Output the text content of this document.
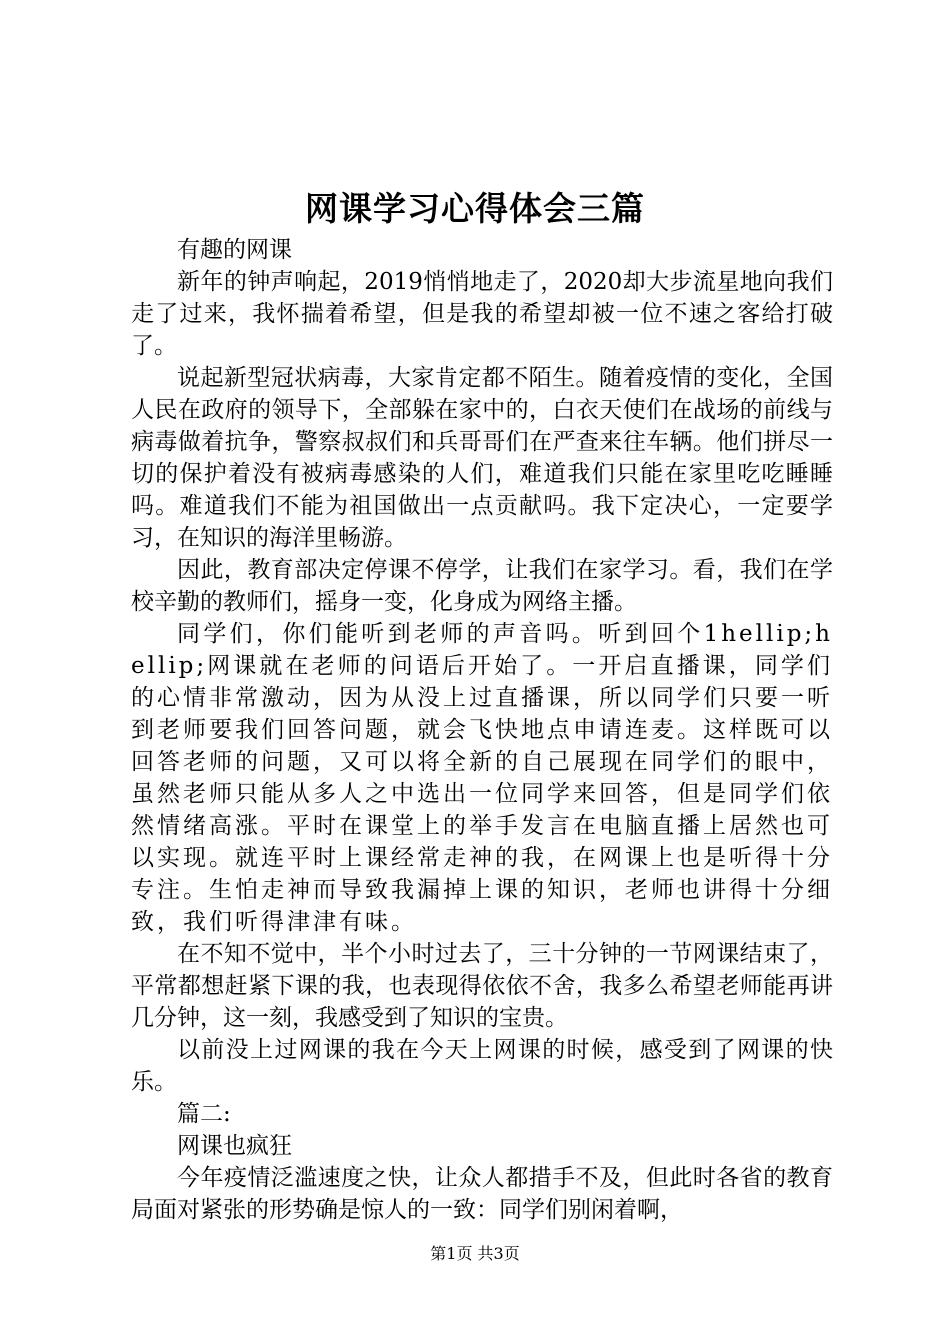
网课学习心得体会三篇

有趣的网课

新年的钟声响起，2019悄悄地走了，2020却大步流星地向我们走了过来，我怀揣着希望，但是我的希望却被一位不速之客给打破了。

说起新型冠状病毒，大家肯定都不陌生。随着疫情的变化，全国人民在政府的领导下，全部躲在家中的，白衣天使们在战场的前线与病毒做着抗争，警察叔叔们和兵哥哥们在严查来往车辆。他们拼尽一切的保护着没有被病毒感染的人们，难道我们只能在家里吃吃睡睡吗。难道我们不能为祖国做出一点贡献吗。我下定决心，一定要学习，在知识的海洋里畅游。

因此，教育部决定停课不停学，让我们在家学习。看，我们在学校辛勤的教师们，摇身一变，化身成为网络主播。

同学们，你们能听到老师的声音吗。听到回个1hellip;hellip;网课就在老师的问语后开始了。一开启直播课，同学们的心情非常激动，因为从没上过直播课，所以同学们只要一听到老师要我们回答问题，就会飞快地点申请连麦。这样既可以回答老师的问题，又可以将全新的自己展现在同学们的眼中，虽然老师只能从多人之中选出一位同学来回答，但是同学们依然情绪高涨。平时在课堂上的举手发言在电脑直播上居然也可以实现。就连平时上课经常走神的我，在网课上也是听得十分专注。生怕走神而导致我漏掉上课的知识，老师也讲得十分细致，我们听得津津有味。

在不知不觉中，半个小时过去了，三十分钟的一节网课结束了，平常都想赶紧下课的我，也表现得依依不舍，我多么希望老师能再讲几分钟，这一刻，我感受到了知识的宝贵。

以前没上过网课的我在今天上网课的时候，感受到了网课的快乐。

篇二:

网课也疯狂

今年疫情泛滥速度之快，让众人都措手不及，但此时各省的教育局面对紧张的形势确是惊人的一致：同学们别闲着啊，

第1页 共3页
